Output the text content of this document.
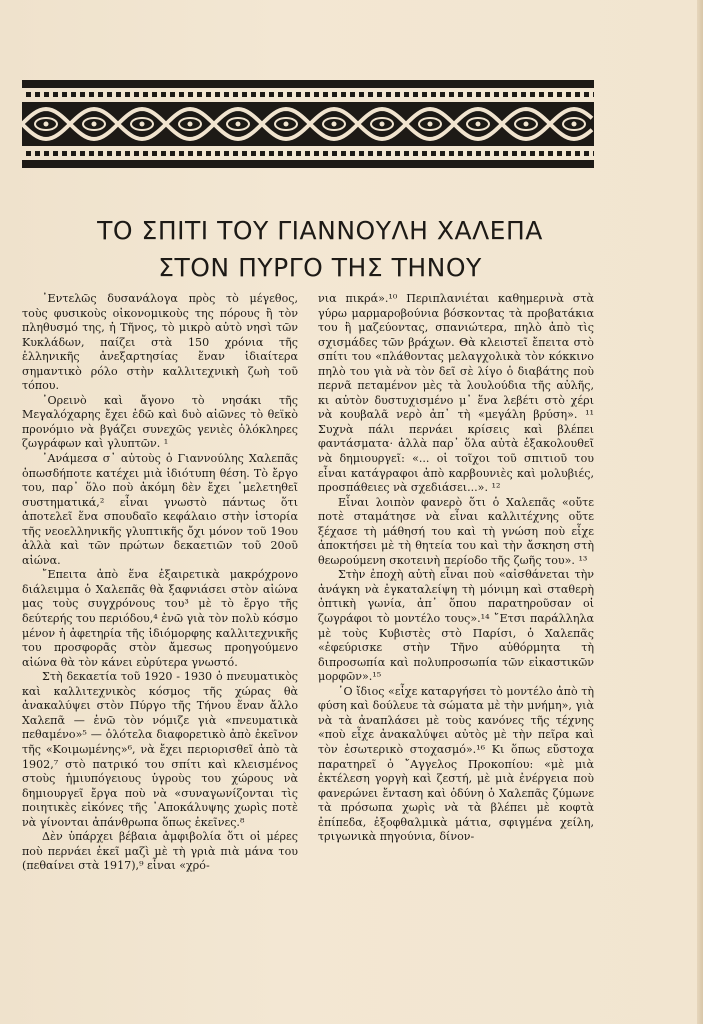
ΤΟ ΣΠΙΤΙ ΤΟΥ ΓΙΑΝΝΟΥΛΗ ΧΑΛΕΠΑ
ΣΤΟΝ ΠΥΡΓΟ ΤΗΣ ΤΗΝΟΥ

᾿Εντελῶς δυσανάλογα πρὸς τὸ μέγεθος, τοὺς φυσικοὺς οἰκονομικοὺς της πόρους ἢ τὸν πληθυσμό της, ἡ Τῆνος, τὸ μικρὸ αὐτὸ νησὶ τῶν Κυκλάδων, παίζει στὰ 150 χρόνια τῆς ἑλληνικῆς ἀνεξαρτησίας ἕναν ἰδιαίτερα σημαντικὸ ρόλο στὴν καλλιτεχνικὴ ζωὴ τοῦ τόπου.

᾿Ορεινὸ καὶ ἄγονο τὸ νησάκι τῆς Μεγαλόχαρης ἔχει ἐδῶ καὶ δυὸ αἰῶνες τὸ θεϊκὸ προνόμιο νὰ βγάζει συνεχῶς γενιὲς ὁλόκληρες ζωγράφων καὶ γλυπτῶν. ¹

᾿Ανάμεσα σ᾿ αὐτοὺς ὁ Γιαννούλης Χαλεπᾶς ὁπωσδήποτε κατέχει μιὰ ἰδιότυπη θέση. Τὸ ἔργο του, παρ᾿ ὅλο ποὺ ἀκόμη δὲν ἔχει ᾿μελετηθεῖ συστηματικά,² εἶναι γνωστὸ πάντως ὅτι ἀποτελεῖ ἕνα σπουδαῖο κεφάλαιο στὴν ἱστορία τῆς νεοελληνικῆς γλυπτικῆς ὄχι μόνον τοῦ 19ου ἀλλὰ καὶ τῶν πρώτων δεκαετιῶν τοῦ 20οῦ αἰώνα.

῎Επειτα ἀπὸ ἕνα ἐξαιρετικὰ μακρόχρονο διάλειμμα ὁ Χαλεπᾶς θὰ ξαφνιάσει στὸν αἰώνα μας τοὺς συγχρόνους του³ μὲ τὸ ἔργο τῆς δεύτερής του περιόδου,⁴ ἐνῶ γιὰ τὸν πολὺ κόσμο μένον ἡ ἀφετηρία τῆς ἰδιόμορφης καλλιτεχνικῆς του προσφορᾶς στὸν ἄμεσως προηγούμενο αἰώνα θὰ τὸν κάνει εὐρύτερα γνωστό.

Στὴ δεκαετία τοῦ 1920 - 1930 ὁ πνευματικὸς καὶ καλλιτεχνικὸς κόσμος τῆς χώρας θὰ ἀνακαλύψει στὸν Πύργο τῆς Τήνου ἕναν ἄλλο Χαλεπᾶ — ἐνῶ τὸν νόμιζε γιὰ «πνευματικὰ πεθαμένο»⁵ — ὁλότελα διαφορετικὸ ἀπὸ ἐκεῖνον τῆς «Κοιμωμένης»⁶, νὰ ἔχει περιορισθεῖ ἀπὸ τὰ 1902,⁷ στὸ πατρικό του σπίτι καὶ κλεισμένος στοὺς ἡμιυπόγειους ὑγροὺς του χώρους νὰ δημιουργεῖ ἔργα ποὺ νὰ «συναγωνίζονται τὶς ποιητικὲς εἰκόνες τῆς ᾿Αποκάλυψης χωρὶς ποτὲ νὰ γίνονται ἀπάνθρωπα ὅπως ἐκεῖνες.⁸

Δὲν ὑπάρχει βέβαια ἀμφιβολία ὅτι οἱ μέρες ποὺ περνάει ἐκεῖ μαζὶ μὲ τὴ γριὰ πιὰ μάνα του (πεθαίνει στὰ 1917),⁹ εἶναι «χρό-

νια πικρά».¹⁰ Περιπλανιέται καθημερινὰ στὰ γύρω μαρμαροβούνια βόσκοντας τὰ προβατάκια του ἢ μαζεύοντας, σπανιώτερα, πηλὸ ἀπὸ τὶς σχισμάδες τῶν βράχων. Θὰ κλειστεῖ ἔπειτα στὸ σπίτι του «πλάθοντας μελαγχολικὰ τὸν κόκκινο πηλὸ του γιὰ νὰ τὸν δεῖ σὲ λίγο ὁ διαβάτης ποὺ περνᾶ πεταμένον μὲς τὰ λουλούδια τῆς αὐλῆς, κι αὐτὸν δυστυχισμένο μ᾿ ἕνα λεβέτι στὸ χέρι νὰ κουβαλᾶ νερὸ ἀπ᾿ τὴ «μεγάλη βρύση». ¹¹ Συχνὰ πάλι περνάει κρίσεις καὶ βλέπει φαντάσματα· ἀλλὰ παρ᾿ ὅλα αὐτὰ ἐξακολουθεῖ νὰ δημιουργεῖ: «... οἱ τοῖχοι τοῦ σπιτιοῦ του εἶναι κατάγραφοι ἀπὸ καρβουνιὲς καὶ μολυβιές, προσπάθειες νὰ σχεδιάσει...». ¹²

Εἶναι λοιπὸν φανερὸ ὅτι ὁ Χαλεπᾶς «οὔτε ποτὲ σταμάτησε νὰ εἶναι καλλιτέχνης οὔτε ξέχασε τὴ μάθησή του καὶ τὴ γνώση ποὺ εἶχε ἀποκτήσει μὲ τὴ θητεία του καὶ τὴν ἄσκηση στὴ θεωρούμενη σκοτεινὴ περίοδο τῆς ζωῆς του». ¹³

Στὴν ἐποχὴ αὐτὴ εἶναι ποὺ «αἰσθάνεται τὴν ἀνάγκη νὰ ἐγκαταλείψη τὴ μόνιμη καὶ σταθερὴ ὀπτικὴ γωνία, ἀπ᾿ ὅπου παρατηροῦσαν οἱ ζωγράφοι τὸ μοντέλο τους».¹⁴ ῎Ετσι παράλληλα μὲ τοὺς Κυβιστὲς στὸ Παρίσι, ὁ Χαλεπᾶς «ἐφεύρισκε στὴν Τῆνο αὐθόρμητα τὴ διπροσωπία καὶ πολυπροσωπία τῶν εἰκαστικῶν μορφῶν».¹⁵

῾Ο ἴδιος «εἶχε καταργήσει τὸ μοντέλο ἀπὸ τὴ φύση καὶ δούλευε τὰ σώματα μὲ τὴν μνήμη», γιὰ νὰ τὰ ἀναπλάσει μὲ τοὺς κανόνες τῆς τέχνης «ποὺ εἶχε ἀνακαλύψει αὐτὸς μὲ τὴν πεῖρα καὶ τὸν ἐσωτερικὸ στοχασμό».¹⁶ Κι ὅπως εὔστοχα παρατηρεῖ ὁ ῎Αγγελος Προκοπίου: «μὲ μιὰ ἐκτέλεση γοργὴ καὶ ζεστή, μὲ μιὰ ἐνέργεια ποὺ φανερώνει ἔνταση καὶ ὀδύνη ὁ Χαλεπᾶς ζύμωνε τὰ πρόσωπα χωρὶς νὰ τὰ βλέπει μὲ κοφτὰ ἐπίπεδα, ἐξοφθαλμικὰ μάτια, σφιγμένα χείλη, τριγωνικὰ πηγούνια, δίνον-
